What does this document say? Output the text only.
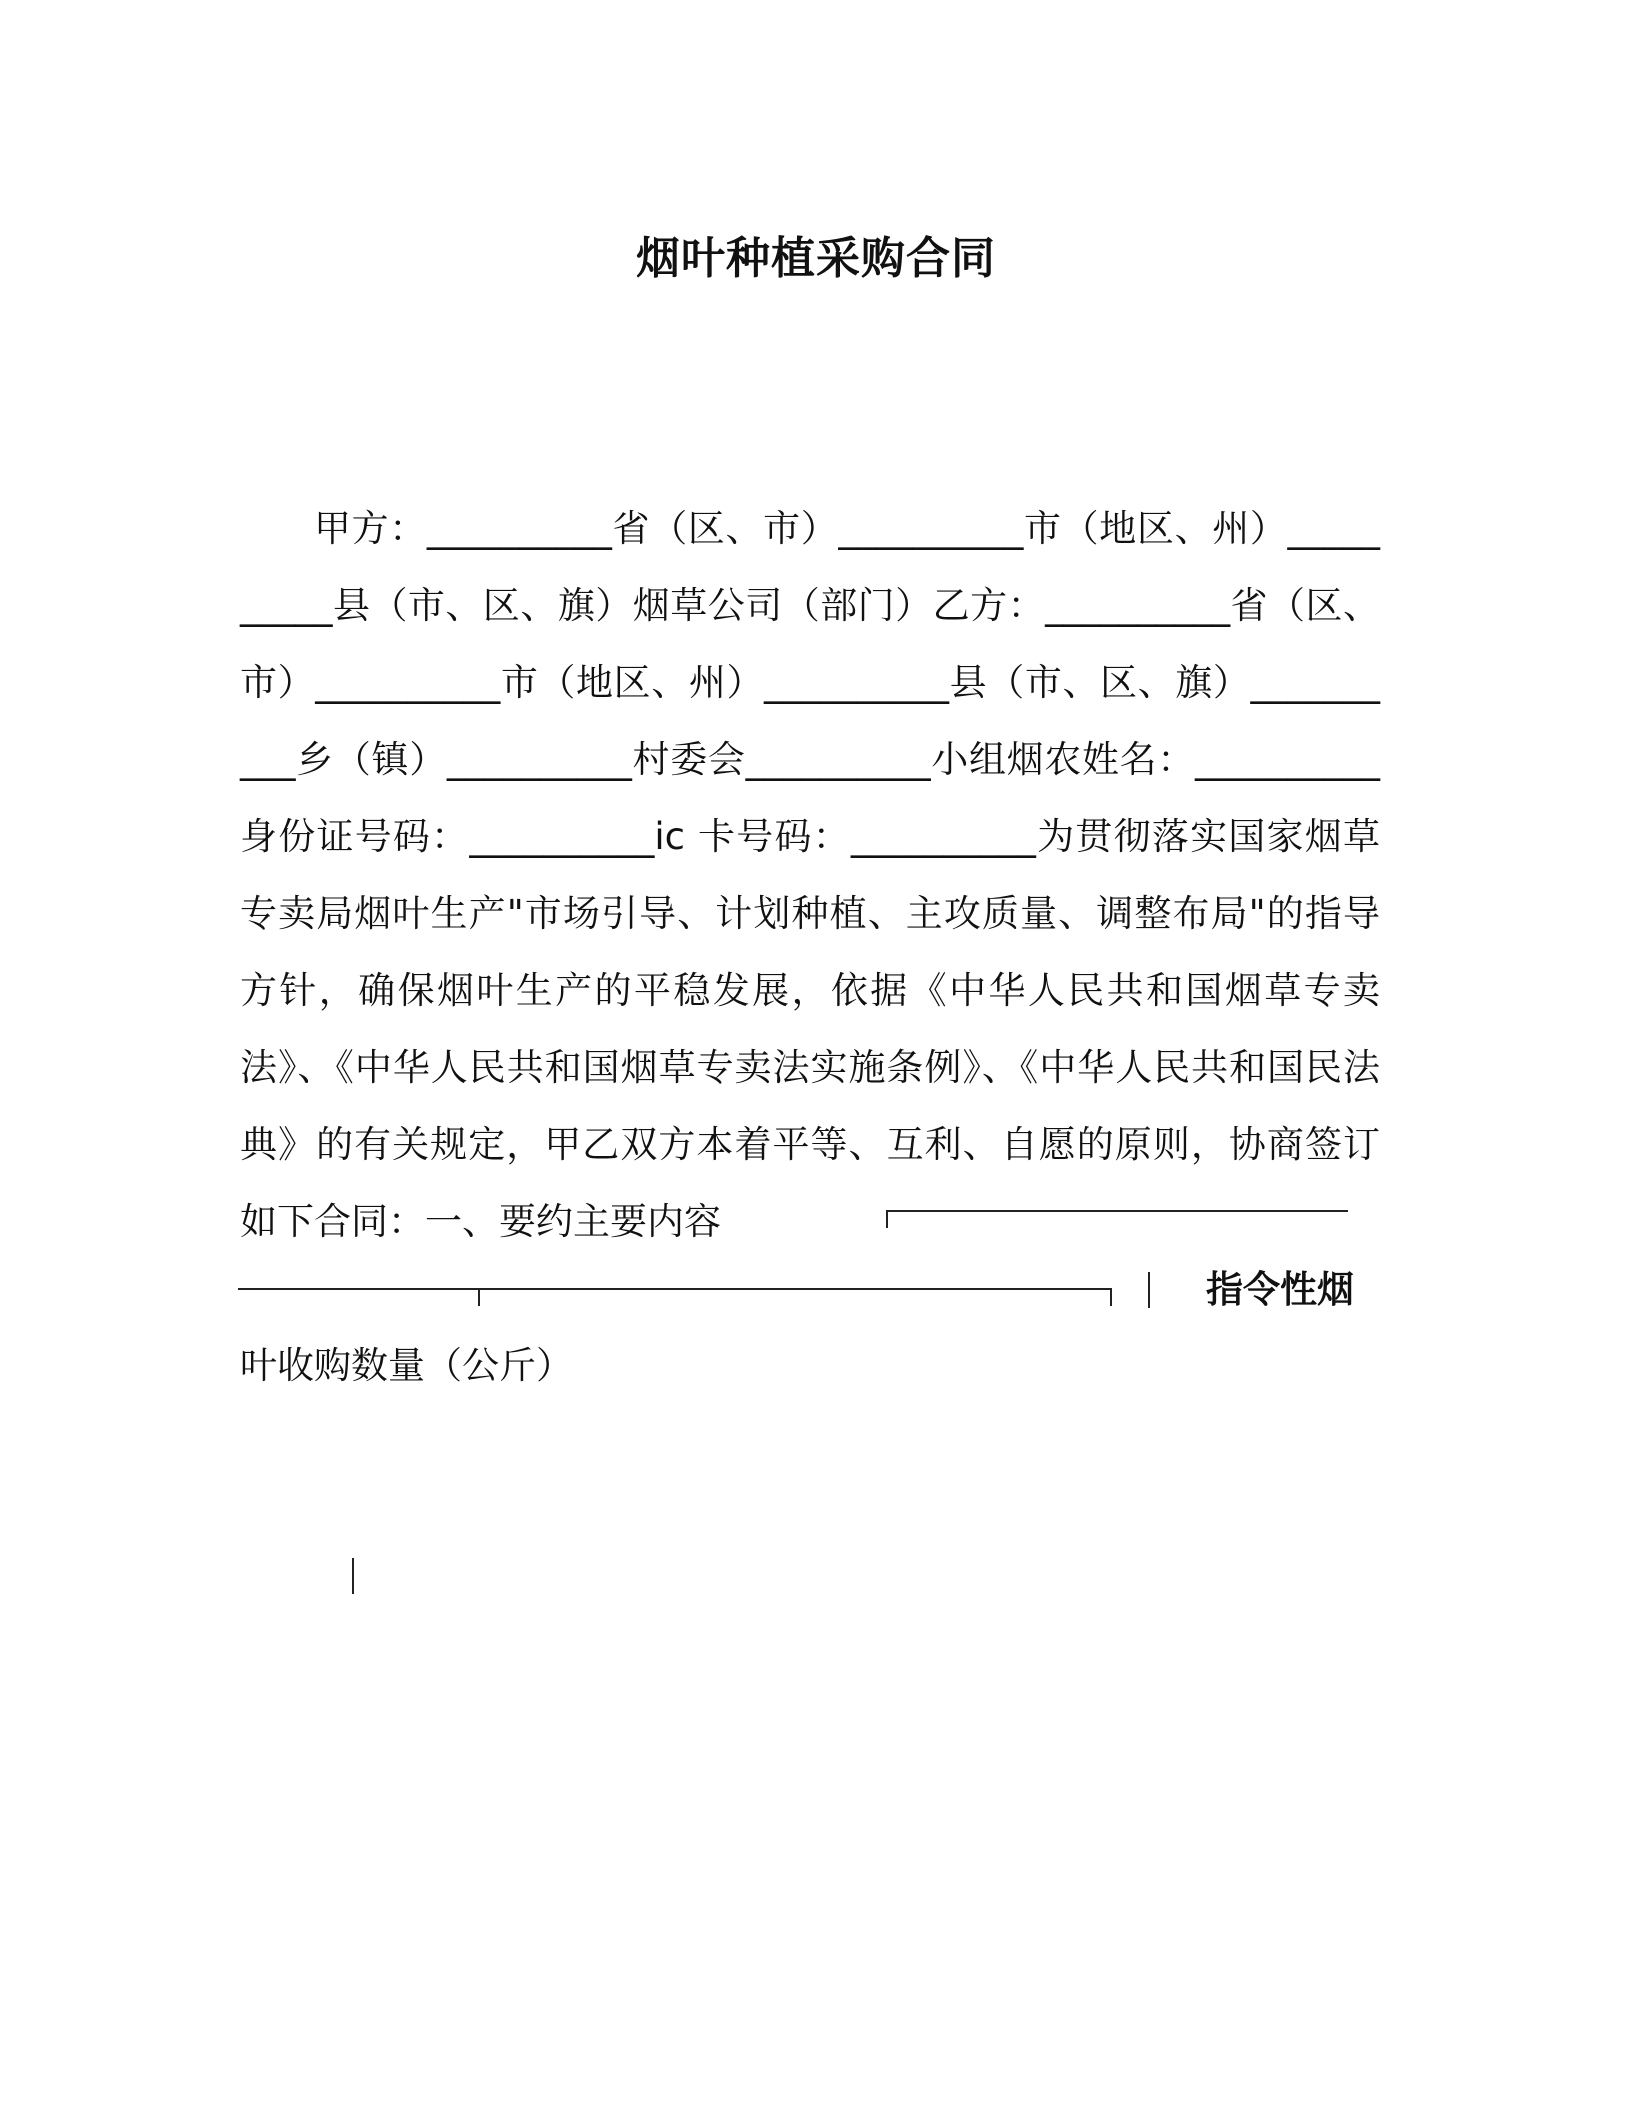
烟叶种植采购合同
甲方：__________省（区、市）__________市（地区、州）__________县（市、区、旗）烟草公司（部门）乙方：__________省（区、市）__________市（地区、州）__________县（市、区、旗）__________乡（镇）__________村委会__________小组烟农姓名：__________身份证号码：__________ic 卡号码：__________为贯彻落实国家烟草专卖局烟叶生产"市场引导、计划种植、主攻质量、调整布局"的指导方针，确保烟叶生产的平稳发展，依据《中华人民共和国烟草专卖法》、《中华人民共和国烟草专卖法实施条例》、《中华人民共和国民法典》的有关规定，甲乙双方本着平等、互利、自愿的原则，协商签订如下合同：一、要约主要内容
指令性烟
叶收购数量（公斤）
